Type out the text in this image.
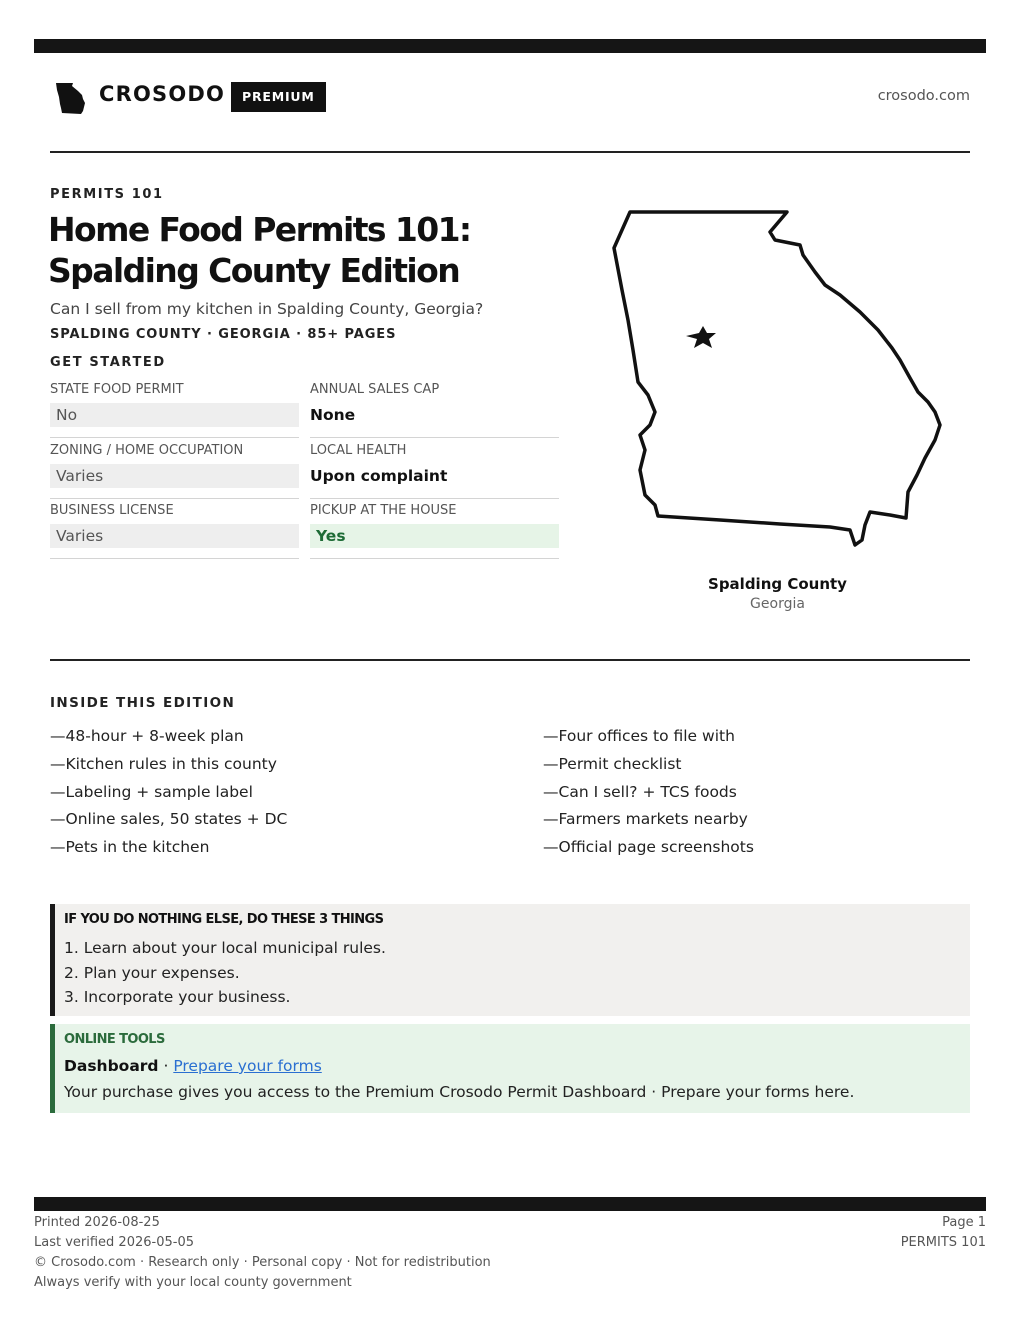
CROSODO	PREMIUM	crosodo.com
PERMITS 101
Home Food Permits 101:
Spalding County Edition
Can I sell from my kitchen in Spalding County, Georgia?
SPALDING COUNTY · GEORGIA · 85+ PAGES
GET STARTED
STATE FOOD PERMIT
No
ANNUAL SALES CAP
None
ZONING / HOME OCCUPATION
Varies
LOCAL HEALTH
Upon complaint
BUSINESS LICENSE
Varies
PICKUP AT THE HOUSE
Yes
Spalding County
Georgia
INSIDE THIS EDITION
— 48-hour + 8-week plan
— Kitchen rules in this county
— Labeling + sample label
— Online sales, 50 states + DC
— Pets in the kitchen
— Four offices to file with
— Permit checklist
— Can I sell? + TCS foods
— Farmers markets nearby
— Official page screenshots
IF YOU DO NOTHING ELSE, DO THESE 3 THINGS
1. Learn about your local municipal rules.
2. Plan your expenses.
3. Incorporate your business.
ONLINE TOOLS
Dashboard · Prepare your forms
Your purchase gives you access to the Premium Crosodo Permit Dashboard · Prepare your forms here.
Printed 2026-08-25
Last verified 2026-05-05
© Crosodo.com · Research only · Personal copy · Not for redistribution
Always verify with your local county government
Page 1
PERMITS 101
